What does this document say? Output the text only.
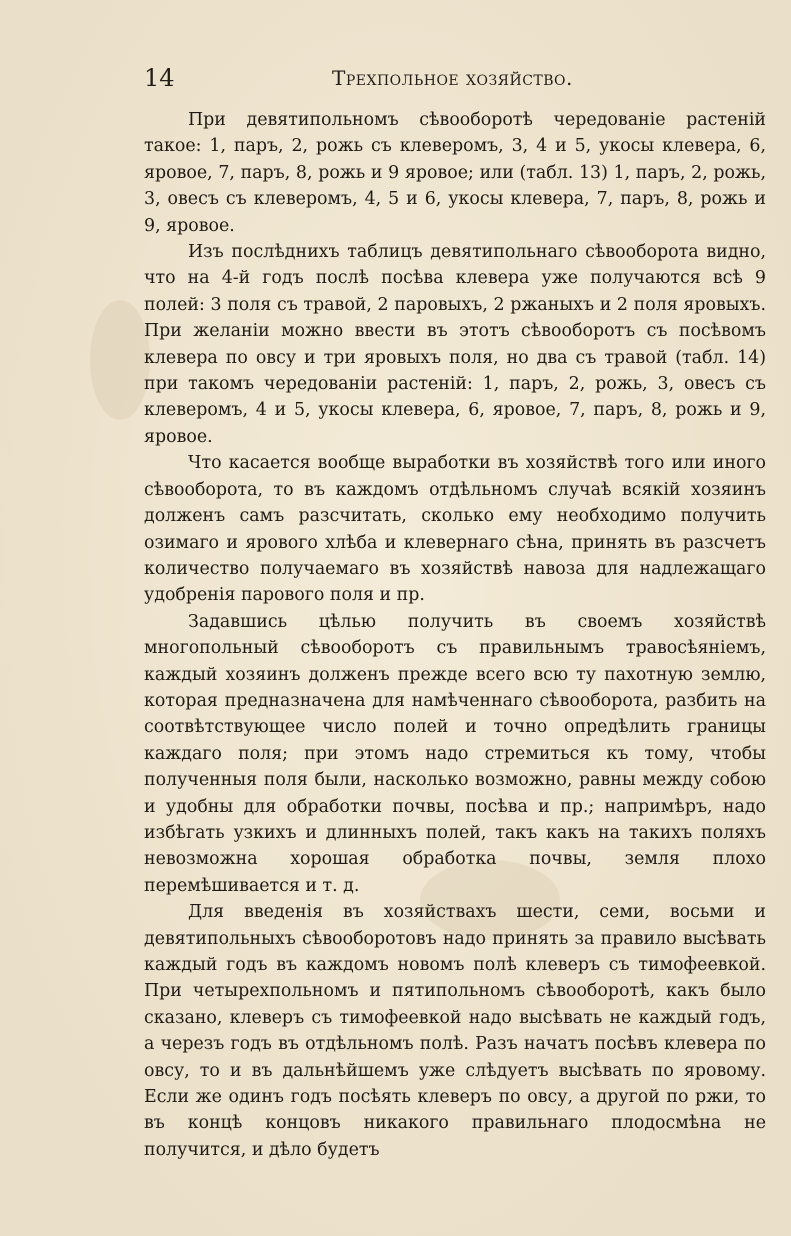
14	Трехпольное хозяйство.

При девятипольномъ сѣвооборотѣ чередованіе растеній такое: 1, паръ, 2, рожь съ клеверомъ, 3, 4 и 5, укосы клевера, 6, яровое, 7, паръ, 8, рожь и 9 яровое; или (табл. 13) 1, паръ, 2, рожь, 3, овесъ съ клеверомъ, 4, 5 и 6, укосы клевера, 7, паръ, 8, рожь и 9, яровое.

Изъ послѣднихъ таблицъ девятипольнаго сѣвооборота видно, что на 4-й годъ послѣ посѣва клевера уже получаются всѣ 9 полей: 3 поля съ травой, 2 паровыхъ, 2 ржаныхъ и 2 поля яровыхъ. При желаніи можно ввести въ этотъ сѣвооборотъ съ посѣвомъ клевера по овсу и три яровыхъ поля, но два съ травой (табл. 14) при такомъ чередованіи растеній: 1, паръ, 2, рожь, 3, овесъ съ клеверомъ, 4 и 5, укосы клевера, 6, яровое, 7, паръ, 8, рожь и 9, яровое.

Что касается вообще выработки въ хозяйствѣ того или иного сѣвооборота, то въ каждомъ отдѣльномъ случаѣ всякій хозяинъ долженъ самъ разсчитать, сколько ему необходимо получить озимаго и ярового хлѣба и клевернаго сѣна, принять въ разсчетъ количество получаемаго въ хозяйствѣ навоза для надлежащаго удобренія парового поля и пр.

Задавшись цѣлью получить въ своемъ хозяйствѣ многопольный сѣвооборотъ съ правильнымъ травосѣяніемъ, каждый хозяинъ долженъ прежде всего всю ту пахотную землю, которая предназначена для намѣченнаго сѣвооборота, разбить на соотвѣтствующее число полей и точно опредѣлить границы каждаго поля; при этомъ надо стремиться къ тому, чтобы полученныя поля были, насколько возможно, равны между собою и удобны для обработки почвы, посѣва и пр.; напримѣръ, надо избѣгать узкихъ и длинныхъ полей, такъ какъ на такихъ поляхъ невозможна хорошая обработка почвы, земля плохо перемѣшивается и т. д.

Для введенія въ хозяйствахъ шести, семи, восьми и девятипольныхъ сѣвооборотовъ надо принять за правило высѣвать каждый годъ въ каждомъ новомъ полѣ клеверъ съ тимофеевкой. При четырехпольномъ и пятипольномъ сѣвооборотѣ, какъ было сказано, клеверъ съ тимофеевкой надо высѣвать не каждый годъ, а черезъ годъ въ отдѣльномъ полѣ. Разъ начатъ посѣвъ клевера по овсу, то и въ дальнѣйшемъ уже слѣдуетъ высѣвать по яровому. Если же одинъ годъ посѣять клеверъ по овсу, а другой по ржи, то въ концѣ концовъ никакого правильнаго плодосмѣна не получится, и дѣло будетъ
